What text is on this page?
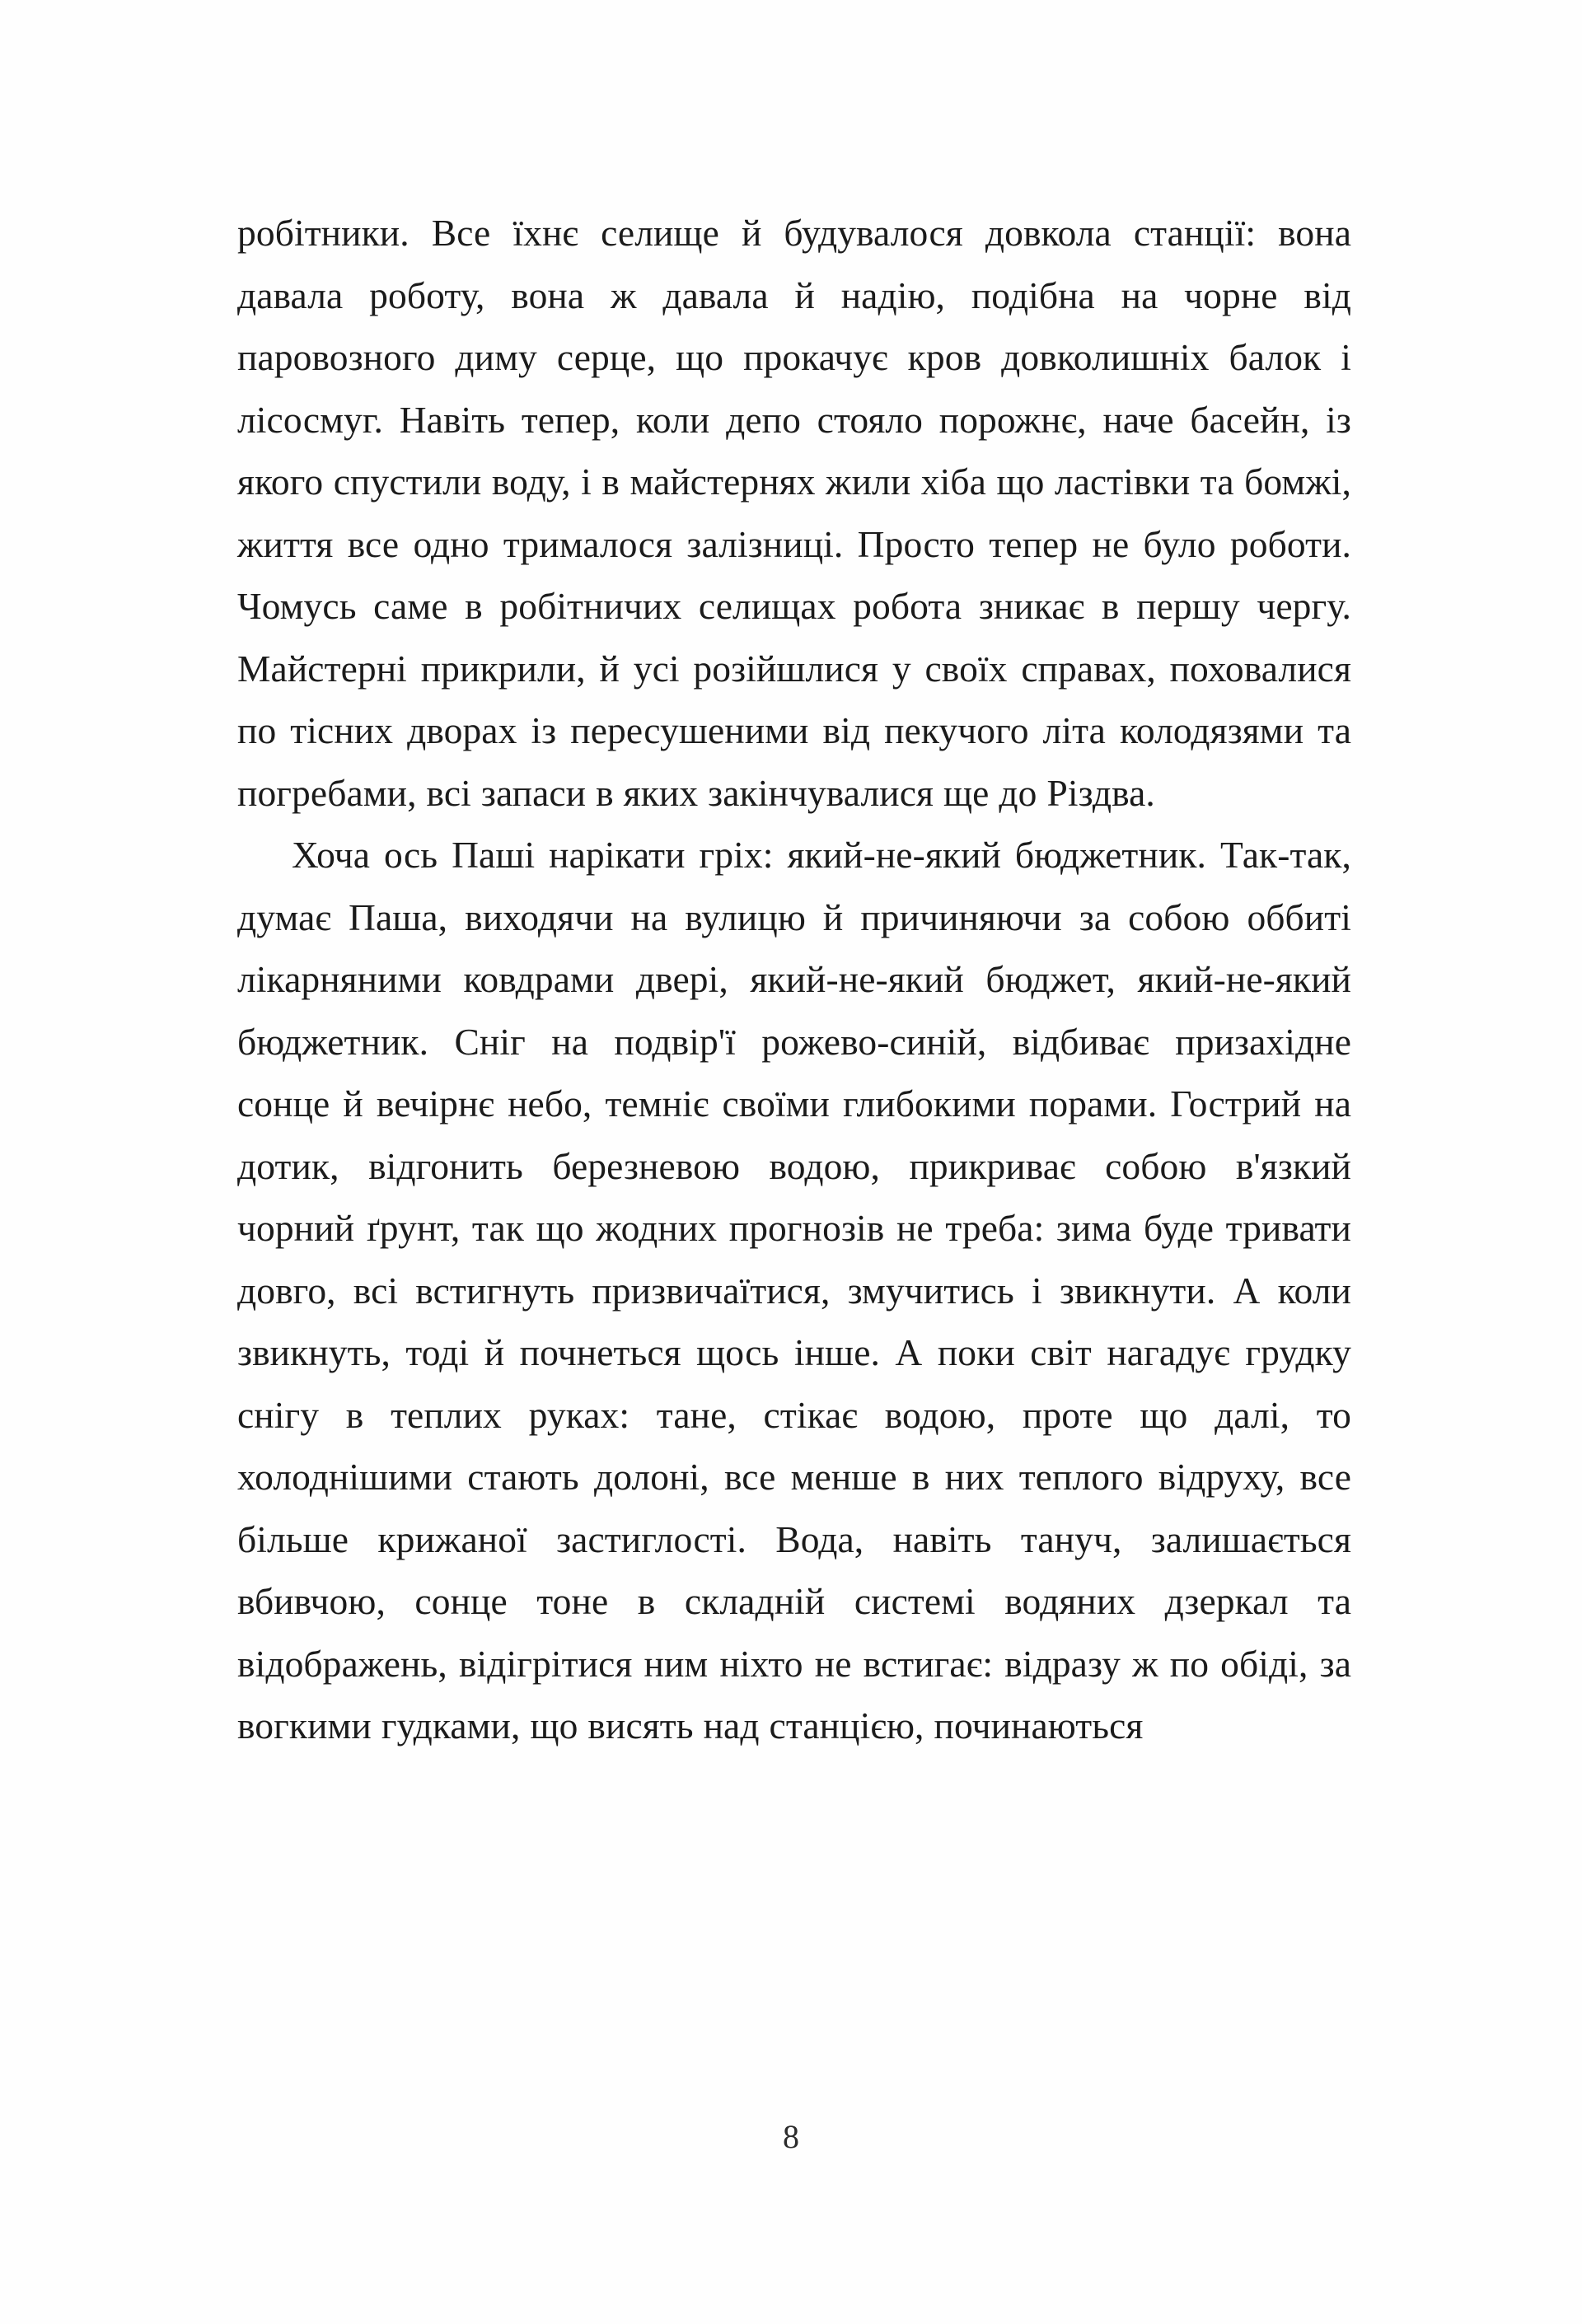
робітники. Все їхнє селище й будувалося довкола станції: вона давала роботу, вона ж давала й надію, подібна на чорне від паровозного диму серце, що прокачує кров довколишніх балок і лісосмуг. Навіть тепер, коли депо стояло порожнє, наче басейн, із якого спустили воду, і в майстернях жили хіба що ластівки та бомжі, життя все одно трималося залізниці. Просто тепер не було роботи. Чомусь саме в робітничих селищах робота зникає в першу чергу. Майстерні прикрили, й усі розійшлися у своїх справах, поховалися по тісних дворах із пересушеними від пекучого літа колодязями та погребами, всі запаси в яких закінчувалися ще до Різдва.

Хоча ось Паші нарікати гріх: який-не-який бюджетник. Так-так, думає Паша, виходячи на вулицю й причиняючи за собою оббиті лікарняними ковдрами двері, який-не-який бюджет, який-не-який бюджетник. Сніг на подвір'ї рожево-синій, відбиває призахідне сонце й вечірнє небо, темніє своїми глибокими порами. Гострий на дотик, відгонить березневою водою, прикриває собою в'язкий чорний ґрунт, так що жодних прогнозів не треба: зима буде тривати довго, всі встигнуть призвичаїтися, змучитись і звикнути. А коли звикнуть, тоді й почнеться щось інше. А поки світ нагадує грудку снігу в теплих руках: тане, стікає водою, проте що далі, то холоднішими стають долоні, все менше в них теплого відруху, все більше крижаної застиглості. Вода, навіть тануч, залишається вбивчою, сонце тоне в складній системі водяних дзеркал та відображень, відігрітися ним ніхто не встигає: відразу ж по обіді, за вогкими гудками, що висять над станцією, починаються

8
